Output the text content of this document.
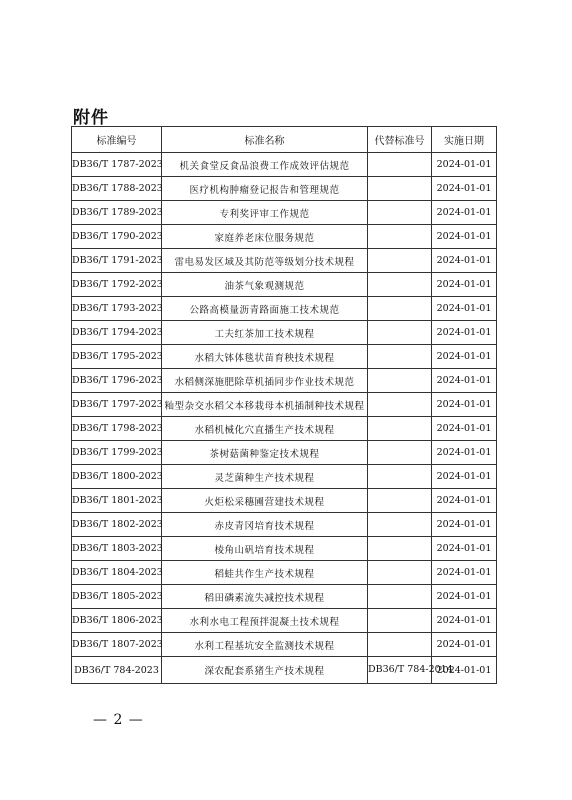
附件
标准编号	标准名称	代替标准号	实施日期
DB36/T 1787-2023	机关食堂反食品浪费工作成效评估规范		2024-01-01
DB36/T 1788-2023	医疗机构肿瘤登记报告和管理规范		2024-01-01
DB36/T 1789-2023	专利奖评审工作规范		2024-01-01
DB36/T 1790-2023	家庭养老床位服务规范		2024-01-01
DB36/T 1791-2023	雷电易发区域及其防范等级划分技术规程		2024-01-01
DB36/T 1792-2023	油茶气象观测规范		2024-01-01
DB36/T 1793-2023	公路高模量沥青路面施工技术规范		2024-01-01
DB36/T 1794-2023	工夫红茶加工技术规程		2024-01-01
DB36/T 1795-2023	水稻大钵体毯状苗育秧技术规程		2024-01-01
DB36/T 1796-2023	水稻侧深施肥除草机插同步作业技术规范		2024-01-01
DB36/T 1797-2023	籼型杂交水稻父本移栽母本机插制种技术规程		2024-01-01
DB36/T 1798-2023	水稻机械化穴直播生产技术规程		2024-01-01
DB36/T 1799-2023	茶树菇菌种鉴定技术规程		2024-01-01
DB36/T 1800-2023	灵芝菌种生产技术规程		2024-01-01
DB36/T 1801-2023	火炬松采穗圃营建技术规程		2024-01-01
DB36/T 1802-2023	赤皮青冈培育技术规程		2024-01-01
DB36/T 1803-2023	棱角山矾培育技术规程		2024-01-01
DB36/T 1804-2023	稻蛙共作生产技术规程		2024-01-01
DB36/T 1805-2023	稻田磷素流失减控技术规程		2024-01-01
DB36/T 1806-2023	水利水电工程预拌混凝土技术规程		2024-01-01
DB36/T 1807-2023	水利工程基坑安全监测技术规程		2024-01-01
DB36/T 784-2023	深农配套系猪生产技术规程	DB36/T 784-2014	2024-01-01
— 2 —
